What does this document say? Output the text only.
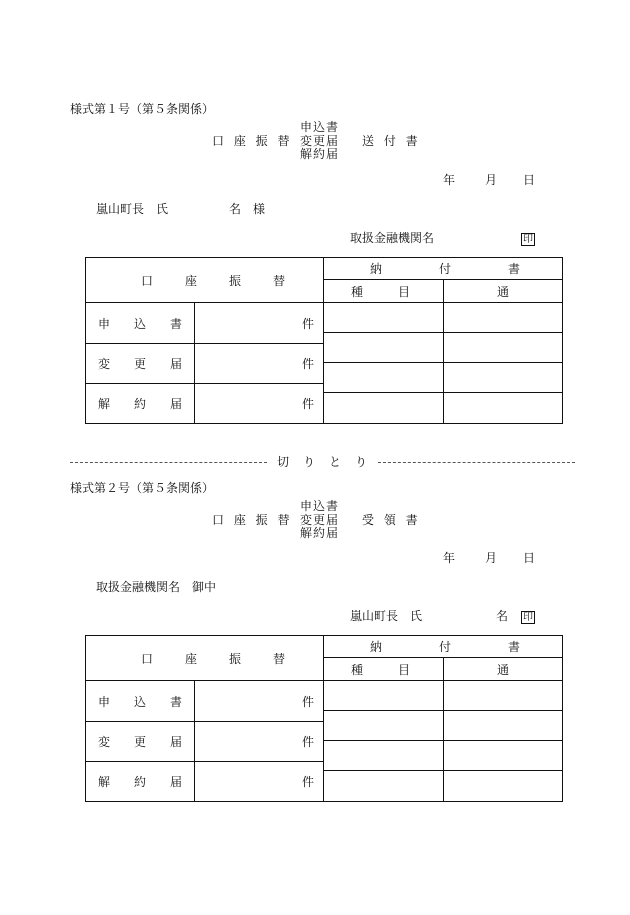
様式第１号（第５条関係）
申込書
口 座 振 替 変更届 送 付 書
解約届
年 月 日
嵐山町長　氏	名　様
取扱金融機関名	印
口 座 振 替		納 付 書	

		種 目	通

申 込 書	件		

変 更 届	件		

解 約 届	件		

切 り と り
様式第２号（第５条関係）
申込書
口 座 振 替 変更届 受 領 書
解約届
年 月 日
取扱金融機関名　御中
嵐山町長　氏	名 印
口 座 振 替		納 付 書	

		種 目	通

申 込 書	件		

変 更 届	件		

解 約 届	件		
